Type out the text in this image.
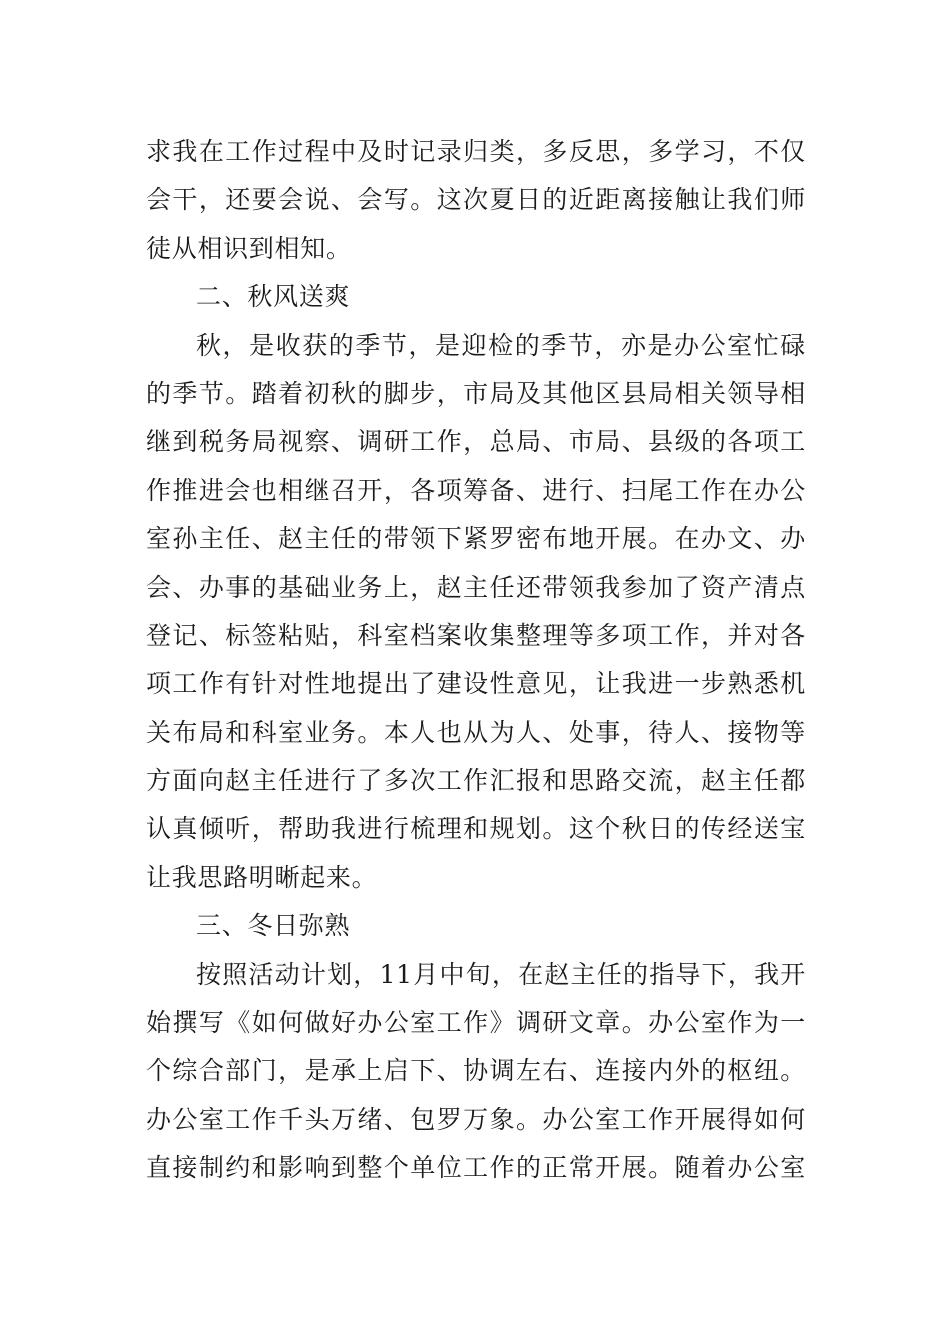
求我在工作过程中及时记录归类，多反思，多学习，不仅
会干，还要会说、会写。这次夏日的近距离接触让我们师
徒从相识到相知。
二、秋风送爽
秋，是收获的季节，是迎检的季节，亦是办公室忙碌
的季节。踏着初秋的脚步，市局及其他区县局相关领导相
继到税务局视察、调研工作，总局、市局、县级的各项工
作推进会也相继召开，各项筹备、进行、扫尾工作在办公
室孙主任、赵主任的带领下紧罗密布地开展。在办文、办
会、办事的基础业务上，赵主任还带领我参加了资产清点
登记、标签粘贴，科室档案收集整理等多项工作，并对各
项工作有针对性地提出了建设性意见，让我进一步熟悉机
关布局和科室业务。本人也从为人、处事，待人、接物等
方面向赵主任进行了多次工作汇报和思路交流，赵主任都
认真倾听，帮助我进行梳理和规划。这个秋日的传经送宝
让我思路明晰起来。
三、冬日弥熟
按照活动计划，11月中旬，在赵主任的指导下，我开
始撰写《如何做好办公室工作》调研文章。办公室作为一
个综合部门，是承上启下、协调左右、连接内外的枢纽。
办公室工作千头万绪、包罗万象。办公室工作开展得如何
直接制约和影响到整个单位工作的正常开展。随着办公室
